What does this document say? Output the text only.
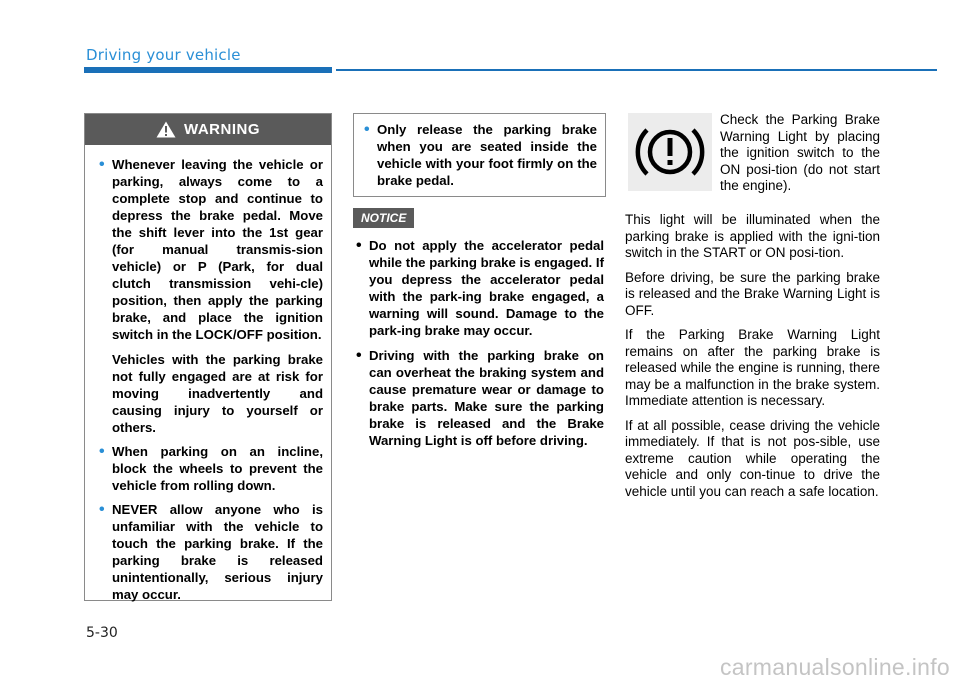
Driving your vehicle
WARNING
• Whenever leaving the vehicle or parking, always come to a complete stop and continue to depress the brake pedal. Move the shift lever into the 1st gear (for manual transmis-sion vehicle) or P (Park, for dual clutch transmission vehi-cle) position, then apply the parking brake, and place the ignition switch in the LOCK/OFF position.

Vehicles with the parking brake not fully engaged are at risk for moving inadvertently and causing injury to yourself or others.

• When parking on an incline, block the wheels to prevent the vehicle from rolling down.

• NEVER allow anyone who is unfamiliar with the vehicle to touch the parking brake. If the parking brake is released unintentionally, serious injury may occur.

• Only release the parking brake when you are seated inside the vehicle with your foot firmly on the brake pedal.

NOTICE
• Do not apply the accelerator pedal while the parking brake is engaged. If you depress the accelerator pedal with the park-ing brake engaged, a warning will sound. Damage to the park-ing brake may occur.
• Driving with the parking brake on can overheat the braking system and cause premature wear or damage to brake parts. Make sure the parking brake is released and the Brake Warning Light is off before driving.
Check the Parking Brake Warning Light by placing the ignition switch to the ON posi-tion (do not start the engine).

This light will be illuminated when the parking brake is applied with the igni-tion switch in the START or ON posi-tion.

Before driving, be sure the parking brake is released and the Brake Warning Light is OFF.

If the Parking Brake Warning Light remains on after the parking brake is released while the engine is running, there may be a malfunction in the brake system. Immediate attention is necessary.

If at all possible, cease driving the vehicle immediately. If that is not pos-sible, use extreme caution while operating the vehicle and only con-tinue to drive the vehicle until you can reach a safe location.

5-30
carmanualsonline.info
